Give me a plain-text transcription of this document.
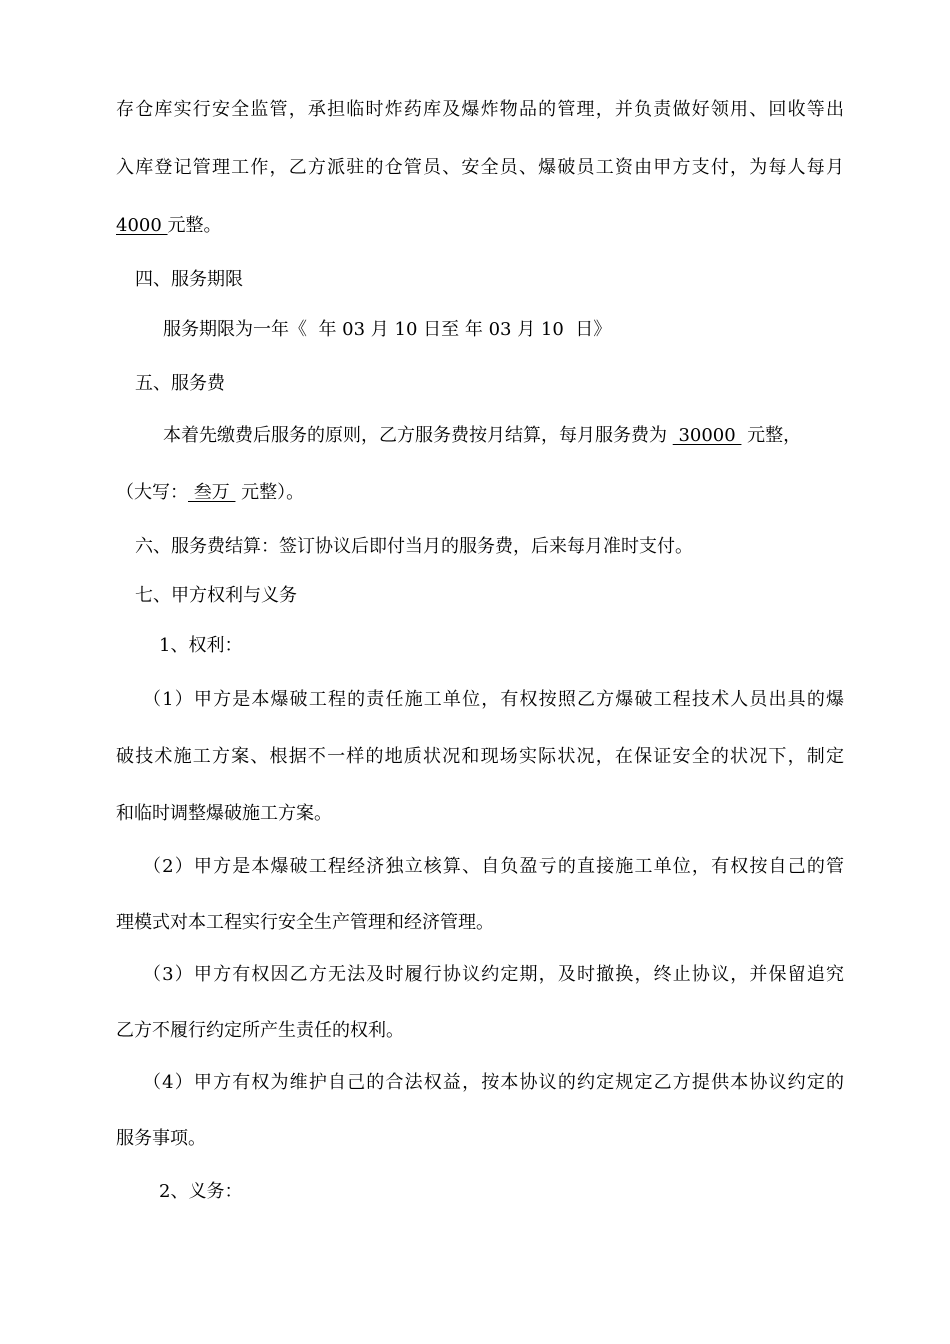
存仓库实行安全监管，承担临时炸药库及爆炸物品的管理，并负责做好领用、回收等出
入库登记管理工作，乙方派驻的仓管员、安全员、爆破员工资由甲方支付，为每人每月
4000 元整。
四、服务期限
服务期限为一年《  年 03 月 10 日至 年 03 月 10  日》
五、服务费
本着先缴费后服务的原则，乙方服务费按月结算，每月服务费为  30000  元整，
（大写： 叁万  元整）。
六、服务费结算：签订协议后即付当月的服务费，后来每月准时支付。
七、甲方权利与义务
1、权利：
（1）甲方是本爆破工程的责任施工单位，有权按照乙方爆破工程技术人员出具的爆
破技术施工方案、根据不一样的地质状况和现场实际状况，在保证安全的状况下，制定
和临时调整爆破施工方案。
（2）甲方是本爆破工程经济独立核算、自负盈亏的直接施工单位，有权按自己的管
理模式对本工程实行安全生产管理和经济管理。
（3）甲方有权因乙方无法及时履行协议约定期，及时撤换，终止协议，并保留追究
乙方不履行约定所产生责任的权利。
（4）甲方有权为维护自己的合法权益，按本协议的约定规定乙方提供本协议约定的
服务事项。
2、义务：
